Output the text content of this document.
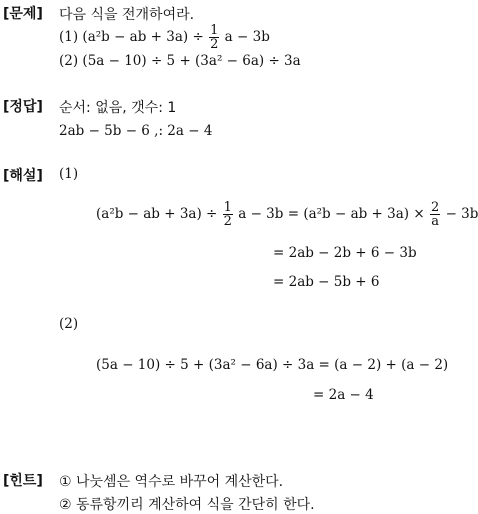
[문제] 다음 식을 전개하여라.
(1) (a²b − ab + $3a) \div \frac{1}{2}$ a − 3b
(2) (5a − 10) ÷ 5 + (3a² − 6a) ÷ 3a
[정답] 순서: 없음, 갯수: 1
2ab − 5b − 6 ,: 2a − 4
[해설] (1)
(a²b − ab + $3a) \div \frac{1}{2}$ a − 3b = (a²b − ab + $3a) \times \frac{2}{a} - 3b$
= 2ab − 2b + 6 − 3b
= 2ab − 5b + 6
(2)
(5a − 10) ÷ 5 + (3a² − 6a) ÷ 3a = (a − 2) + (a − 2)
= 2a − 4
[힌트] ① 나눗셈은 역수로 바꾸어 계산한다.
② 동류항끼리 계산하여 식을 간단히 한다.
